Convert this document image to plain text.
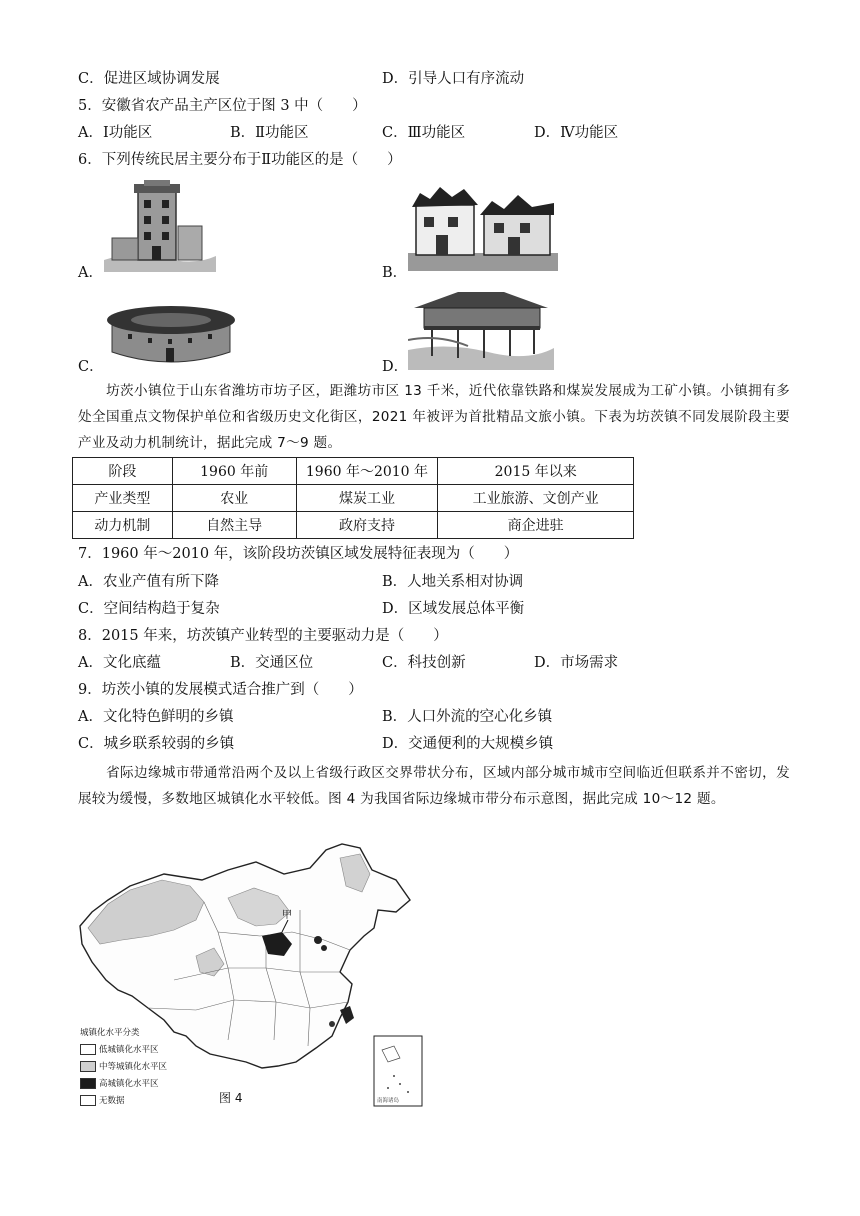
C．促进区域协调发展	D．引导人口有序流动
5．安徽省农产品主产区位于图 3 中（　　）
A．Ⅰ功能区	B．Ⅱ功能区	C．Ⅲ功能区	D．Ⅳ功能区
6．下列传统民居主要分布于Ⅱ功能区的是（　　）
A．	B．
C．	D．
坊茨小镇位于山东省潍坊市坊子区，距潍坊市区 13 千米，近代依靠铁路和煤炭发展成为工矿小镇。小镇拥有多处全国重点文物保护单位和省级历史文化街区，2021 年被评为首批精品文旅小镇。下表为坊茨镇不同发展阶段主要产业及动力机制统计，据此完成 7～9 题。
阶段	1960 年前	1960 年～2010 年	2015 年以来
产业类型	农业	煤炭工业	工业旅游、文创产业
动力机制	自然主导	政府支持	商企进驻
7．1960 年～2010 年，该阶段坊茨镇区域发展特征表现为（　　）
A．农业产值有所下降	B．人地关系相对协调
C．空间结构趋于复杂	D．区域发展总体平衡
8．2015 年来，坊茨镇产业转型的主要驱动力是（　　）
A．文化底蕴	B．交通区位	C．科技创新	D．市场需求
9．坊茨小镇的发展模式适合推广到（　　）
A．文化特色鲜明的乡镇	B．人口外流的空心化乡镇
C．城乡联系较弱的乡镇	D．交通便利的大规模乡镇
省际边缘城市带通常沿两个及以上省级行政区交界带状分布，区域内部分城市城市空间临近但联系并不密切，发展较为缓慢，多数地区城镇化水平较低。图 4 为我国省际边缘城市带分布示意图，据此完成 10～12 题。
甲
南海诸岛
城镇化水平分类
低城镇化水平区
中等城镇化水平区
高城镇化水平区
无数据	图 4
